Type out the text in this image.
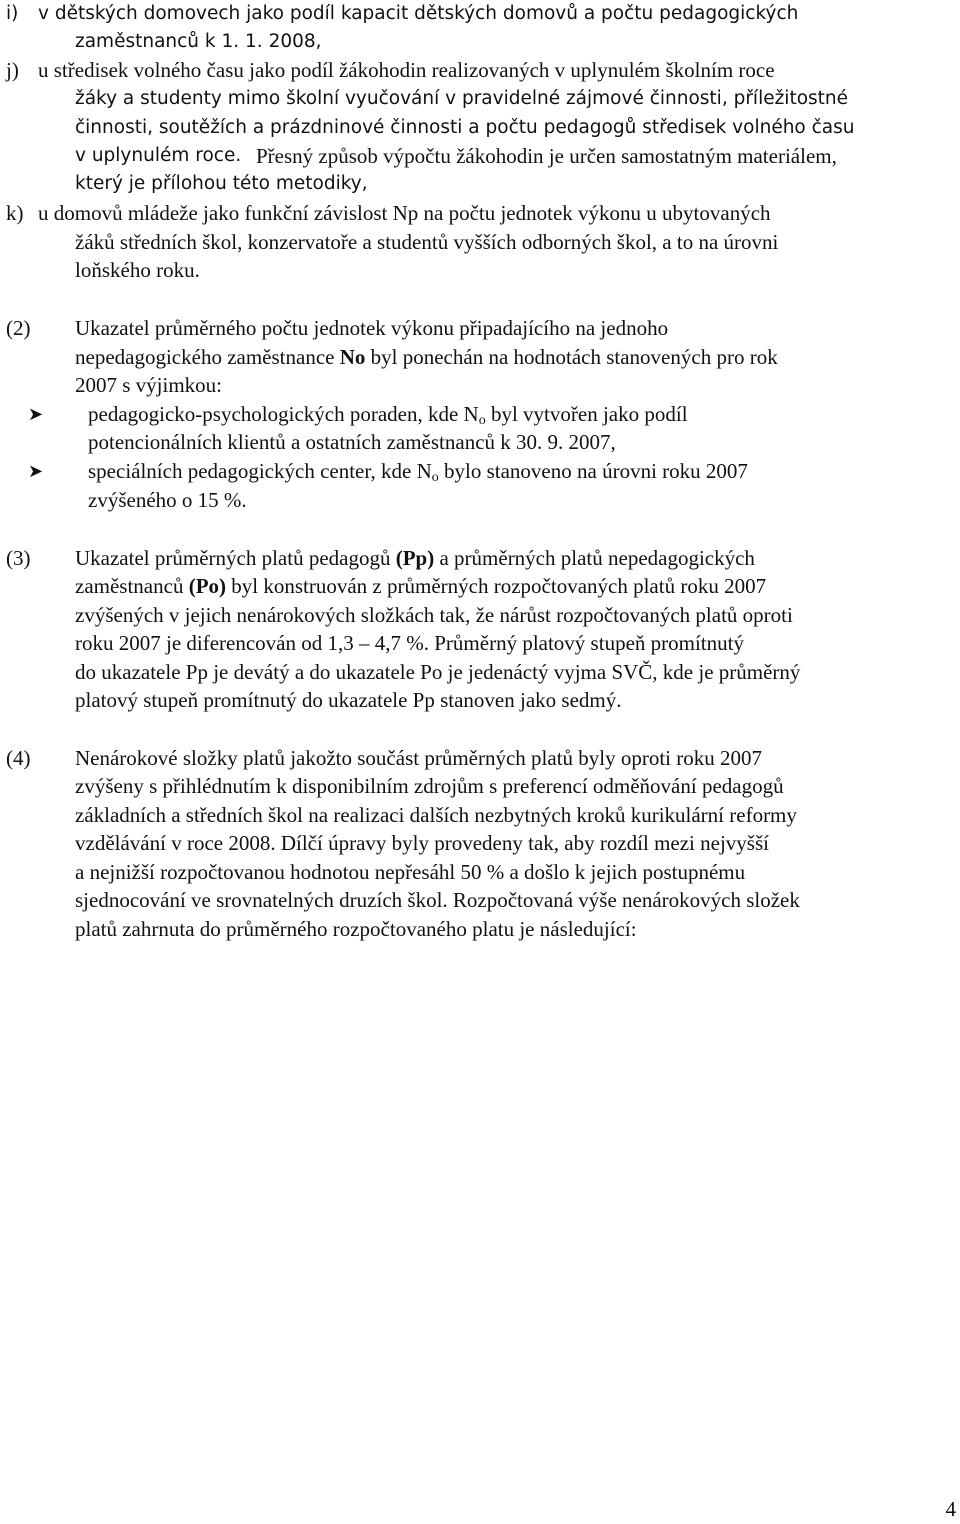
i) v dětských domovech jako podíl kapacit dětských domovů a počtu pedagogických
zaměstnanců k 1. 1. 2008,
j) u středisek volného času jako podíl žákohodin realizovaných v uplynulém školním roce
žáky a studenty mimo školní vyučování v pravidelné zájmové činnosti, příležitostné
činnosti, soutěžích a prázdninové činnosti a počtu pedagogů středisek volného času
v uplynulém roce. Přesný způsob výpočtu žákohodin je určen samostatným materiálem,
který je přílohou této metodiky,
k) u domovů mládeže jako funkční závislost Np na počtu jednotek výkonu u ubytovaných
žáků středních škol, konzervatoře a studentů vyšších odborných škol, a to na úrovni
loňského roku.
(2) Ukazatel průměrného počtu jednotek výkonu připadajícího na jednoho
nepedagogického zaměstnance No byl ponechán na hodnotách stanovených pro rok
2007 s výjimkou:
➤ pedagogicko-psychologických poraden, kde $N_o$ byl vytvořen jako podíl
potencionálních klientů a ostatních zaměstnanců k 30. 9. 2007,
➤ speciálních pedagogických center, kde $N_o$ bylo stanoveno na úrovni roku 2007
zvýšeného o 15 %.
(3) Ukazatel průměrných platů pedagogů (Pp) a průměrných platů nepedagogických
zaměstnanců (Po) byl konstruován z průměrných rozpočtovaných platů roku 2007
zvýšených v jejich nenárokových složkách tak, že nárůst rozpočtovaných platů oproti
roku 2007 je diferencován od 1,3 – 4,7 %. Průměrný platový stupeň promítnutý
do ukazatele Pp je devátý a do ukazatele Po je jedenáctý vyjma SVČ, kde je průměrný
platový stupeň promítnutý do ukazatele Pp stanoven jako sedmý.
(4) Nenárokové složky platů jakožto součást průměrných platů byly oproti roku 2007
zvýšeny s přihlédnutím k disponibilním zdrojům s preferencí odměňování pedagogů
základních a středních škol na realizaci dalších nezbytných kroků kurikulární reformy
vzdělávání v roce 2008. Dílčí úpravy byly provedeny tak, aby rozdíl mezi nejvyšší
a nejnižší rozpočtovanou hodnotou nepřesáhl 50 % a došlo k jejich postupnému
sjednocování ve srovnatelných druzích škol. Rozpočtovaná výše nenárokových složek
platů zahrnuta do průměrného rozpočtovaného platu je následující:
4
